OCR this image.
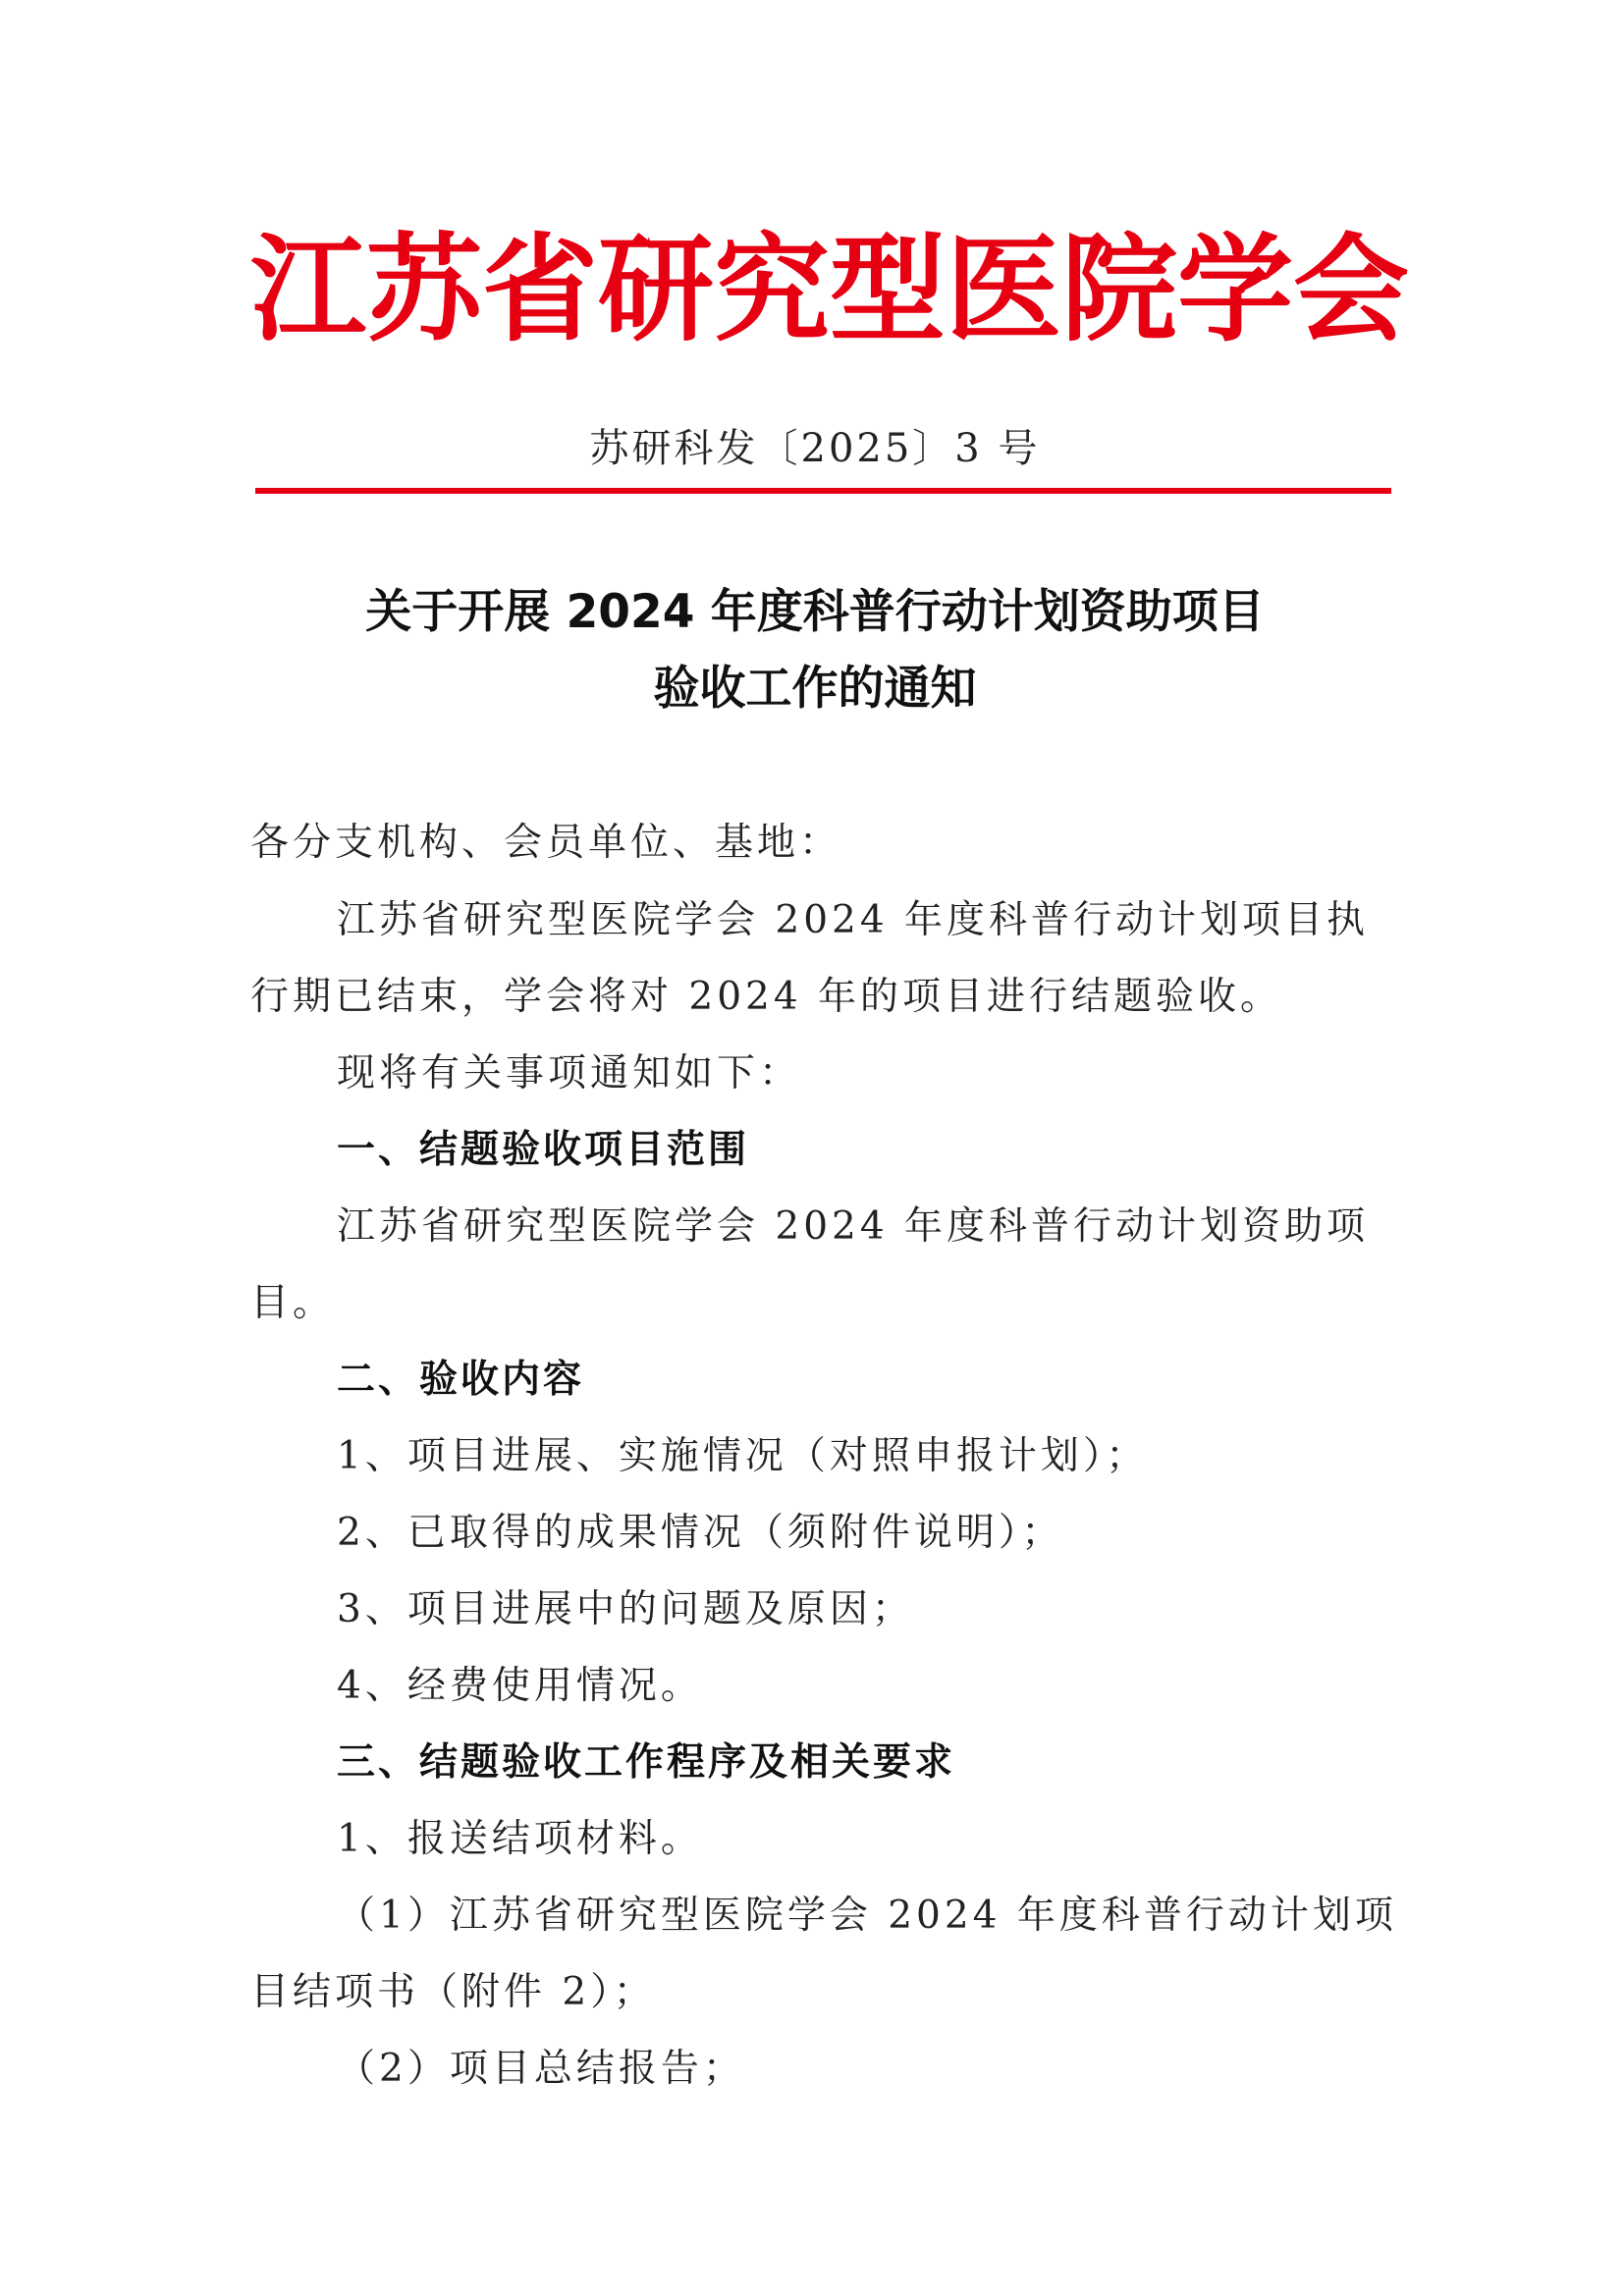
江苏省研究型医院学会
苏研科发〔2025〕3 号
关于开展 2024 年度科普行动计划资助项目
验收工作的通知
各分支机构、会员单位、基地：
江苏省研究型医院学会 2024 年度科普行动计划项目执
行期已结束，学会将对 2024 年的项目进行结题验收。
现将有关事项通知如下：
一、结题验收项目范围
江苏省研究型医院学会 2024 年度科普行动计划资助项
目。
二、验收内容
1、项目进展、实施情况（对照申报计划）；
2、已取得的成果情况（须附件说明）；
3、项目进展中的问题及原因；
4、经费使用情况。
三、结题验收工作程序及相关要求
1、报送结项材料。
（1）江苏省研究型医院学会 2024 年度科普行动计划项
目结项书（附件 2）；
（2）项目总结报告；
